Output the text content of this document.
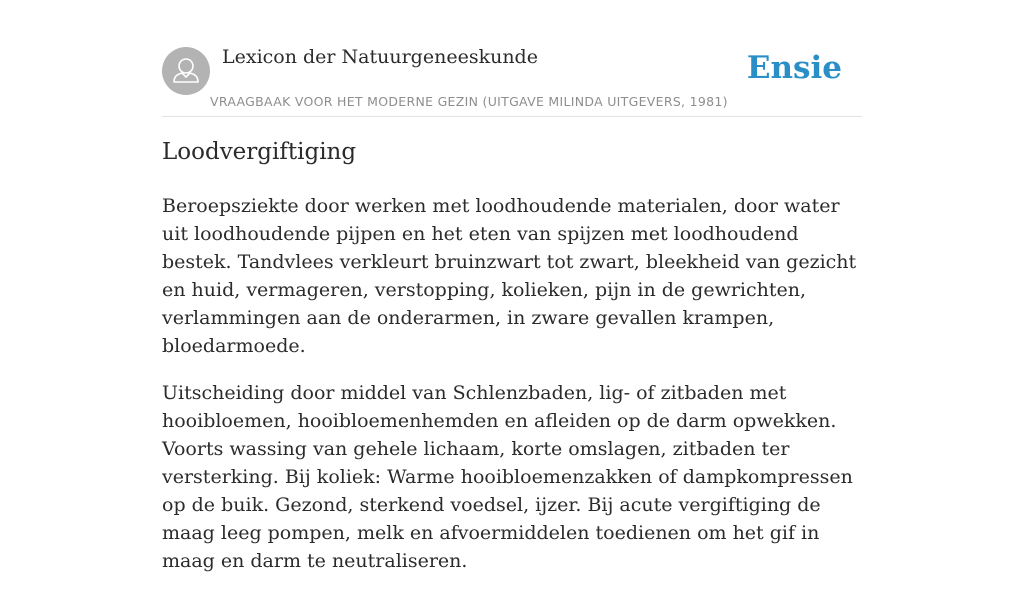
Lexicon der Natuurgeneeskunde
VRAAGBAAK VOOR HET MODERNE GEZIN (UITGAVE MILINDA UITGEVERS, 1981)
Ensie
Loodvergiftiging

Beroepsziekte door werken met loodhoudende materialen, door water uit loodhoudende pijpen en het eten van spijzen met loodhoudend bestek. Tandvlees verkleurt bruinzwart tot zwart, bleekheid van gezicht en huid, vermageren, verstopping, kolieken, pijn in de gewrichten, verlammingen aan de onderarmen, in zware gevallen krampen, bloedarmoede.

Uitscheiding door middel van Schlenzbaden, lig- of zitbaden met hooibloemen, hooibloemenhemden en afleiden op de darm opwekken. Voorts wassing van gehele lichaam, korte omslagen, zitbaden ter versterking. Bij koliek: Warme hooibloemenzakken of dampkompressen op de buik. Gezond, sterkend voedsel, ijzer. Bij acute vergiftiging de maag leeg pompen, melk en afvoermiddelen toedienen om het gif in maag en darm te neutraliseren.
